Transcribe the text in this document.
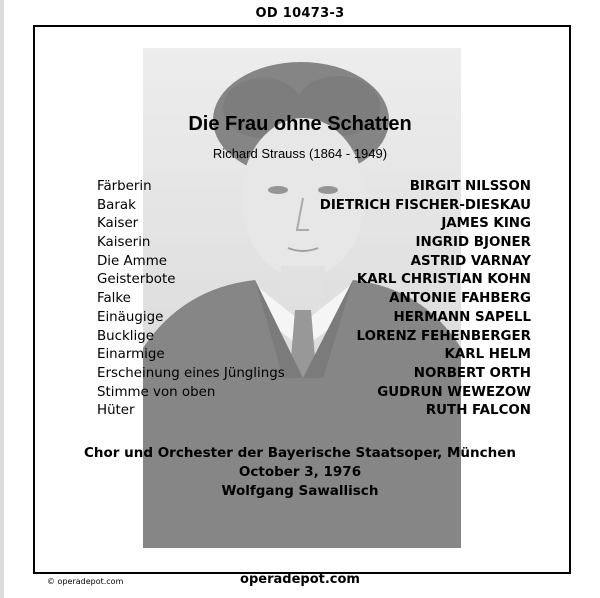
OD 10473-3
Die Frau ohne Schatten
Richard Strauss (1864 - 1949)
Färberin	BIRGIT NILSSON
Barak	DIETRICH FISCHER-DIESKAU
Kaiser	JAMES KING
Kaiserin	INGRID BJONER
Die Amme	ASTRID VARNAY
Geisterbote	KARL CHRISTIAN KOHN
Falke	ANTONIE FAHBERG
Einäugige	HERMANN SAPELL
Bucklige	LORENZ FEHENBERGER
Einarmige	KARL HELM
Erscheinung eines Jünglings	NORBERT ORTH
Stimme von oben	GUDRUN WEWEZOW
Hüter	RUTH FALCON
Chor und Orchester der Bayerische Staatsoper, München
October 3, 1976
Wolfgang Sawallisch
© operadepot.com	operadepot.com
